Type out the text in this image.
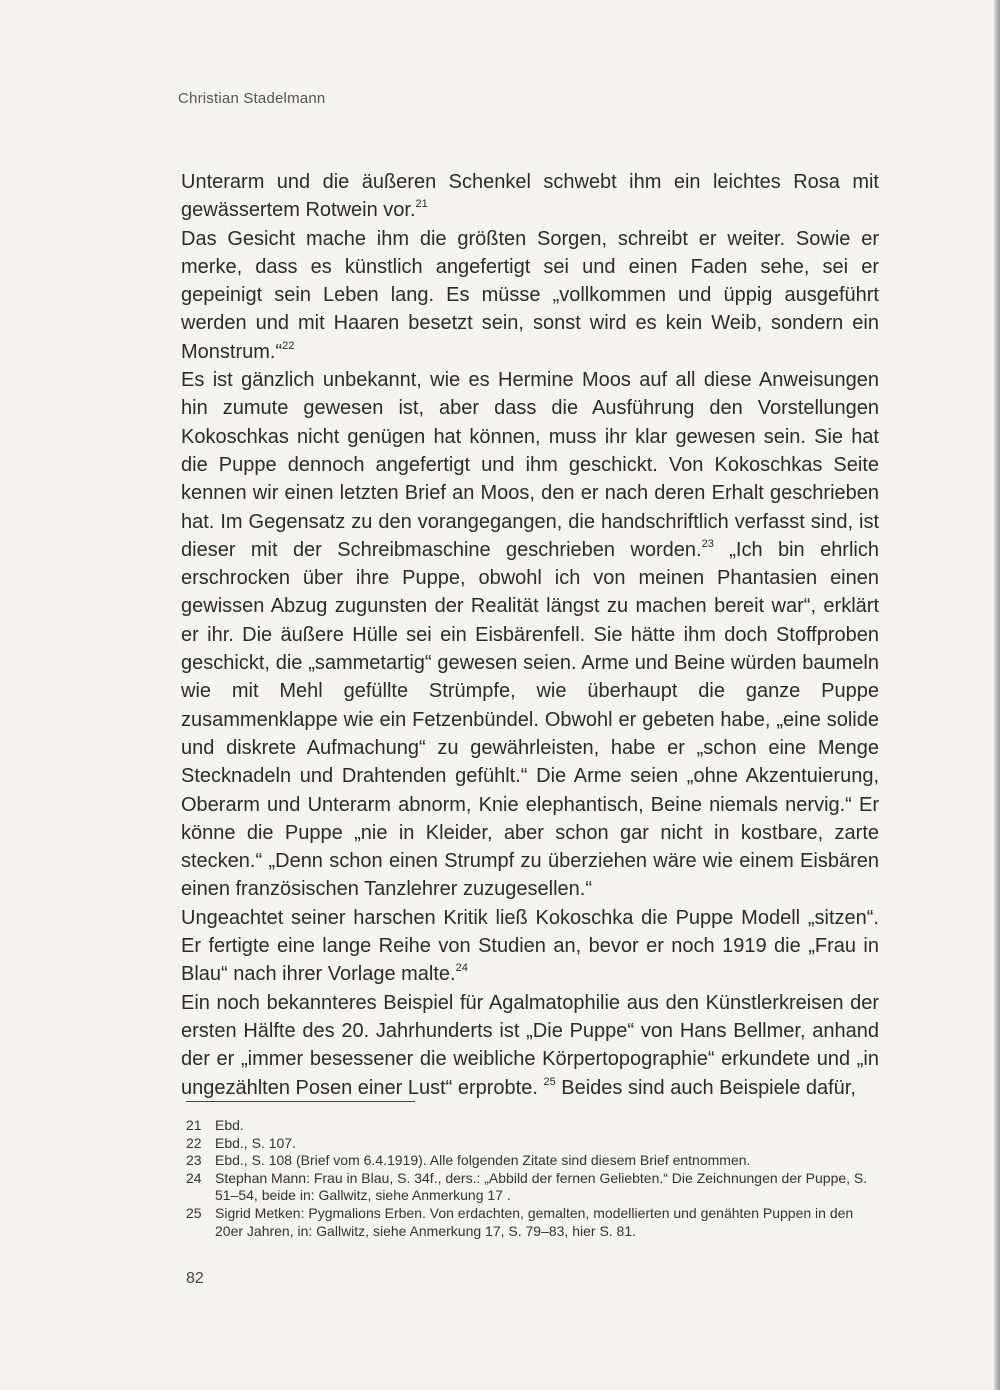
Christian Stadelmann

Unterarm und die äußeren Schenkel schwebt ihm ein leichtes Rosa mit gewässertem Rotwein vor.$^{21}$

Das Gesicht mache ihm die größten Sorgen, schreibt er weiter. Sowie er merke, dass es künstlich angefertigt sei und einen Faden sehe, sei er gepeinigt sein Leben lang. Es müsse „vollkommen und üppig ausgeführt werden und mit Haaren besetzt sein, sonst wird es kein Weib, sondern ein Monstrum.“$^{22}$

Es ist gänzlich unbekannt, wie es Hermine Moos auf all diese Anweisungen hin zumute gewesen ist, aber dass die Ausführung den Vorstellungen Kokoschkas nicht genügen hat können, muss ihr klar gewesen sein. Sie hat die Puppe dennoch angefertigt und ihm geschickt. Von Kokoschkas Seite kennen wir einen letzten Brief an Moos, den er nach deren Erhalt geschrieben hat. Im Gegensatz zu den vorangegangen, die handschriftlich verfasst sind, ist dieser mit der Schreibmaschine geschrieben worden.$^{23}$ „Ich bin ehrlich erschrocken über ihre Puppe, obwohl ich von meinen Phantasien einen gewissen Abzug zugunsten der Realität längst zu machen bereit war“, erklärt er ihr. Die äußere Hülle sei ein Eisbärenfell. Sie hätte ihm doch Stoffproben geschickt, die „sammetartig“ gewesen seien. Arme und Beine würden baumeln wie mit Mehl gefüllte Strümpfe, wie überhaupt die ganze Puppe zusammenklappe wie ein Fetzenbündel. Obwohl er gebeten habe, „eine solide und diskrete Aufmachung“ zu gewährleisten, habe er „schon eine Menge Stecknadeln und Drahtenden gefühlt.“ Die Arme seien „ohne Akzentuierung, Oberarm und Unterarm abnorm, Knie elephantisch, Beine niemals nervig.“ Er könne die Puppe „nie in Kleider, aber schon gar nicht in kostbare, zarte stecken.“ „Denn schon einen Strumpf zu überziehen wäre wie einem Eisbären einen französischen Tanzlehrer zuzugesellen.“

Ungeachtet seiner harschen Kritik ließ Kokoschka die Puppe Modell „sitzen“. Er fertigte eine lange Reihe von Studien an, bevor er noch 1919 die „Frau in Blau“ nach ihrer Vorlage malte.$^{24}$

Ein noch bekannteres Beispiel für Agalmatophilie aus den Künstlerkreisen der ersten Hälfte des 20. Jahrhunderts ist „Die Puppe“ von Hans Bellmer, anhand der er „immer besessener die weibliche Körpertopographie“ erkundete und „in ungezählten Posen einer Lust“ erprobte. $^{25}$ Beides sind auch Beispiele dafür,

21 Ebd.
22 Ebd., S. 107.
23 Ebd., S. 108 (Brief vom 6.4.1919). Alle folgenden Zitate sind diesem Brief entnommen.
24 Stephan Mann: Frau in Blau, S. 34f., ders.: „Abbild der fernen Geliebten.“ Die Zeichnungen der Puppe, S. 51–54, beide in: Gallwitz, siehe Anmerkung 17 .
25 Sigrid Metken: Pygmalions Erben. Von erdachten, gemalten, modellierten und genähten Puppen in den 20er Jahren, in: Gallwitz, siehe Anmerkung 17, S. 79–83, hier S. 81.
82
